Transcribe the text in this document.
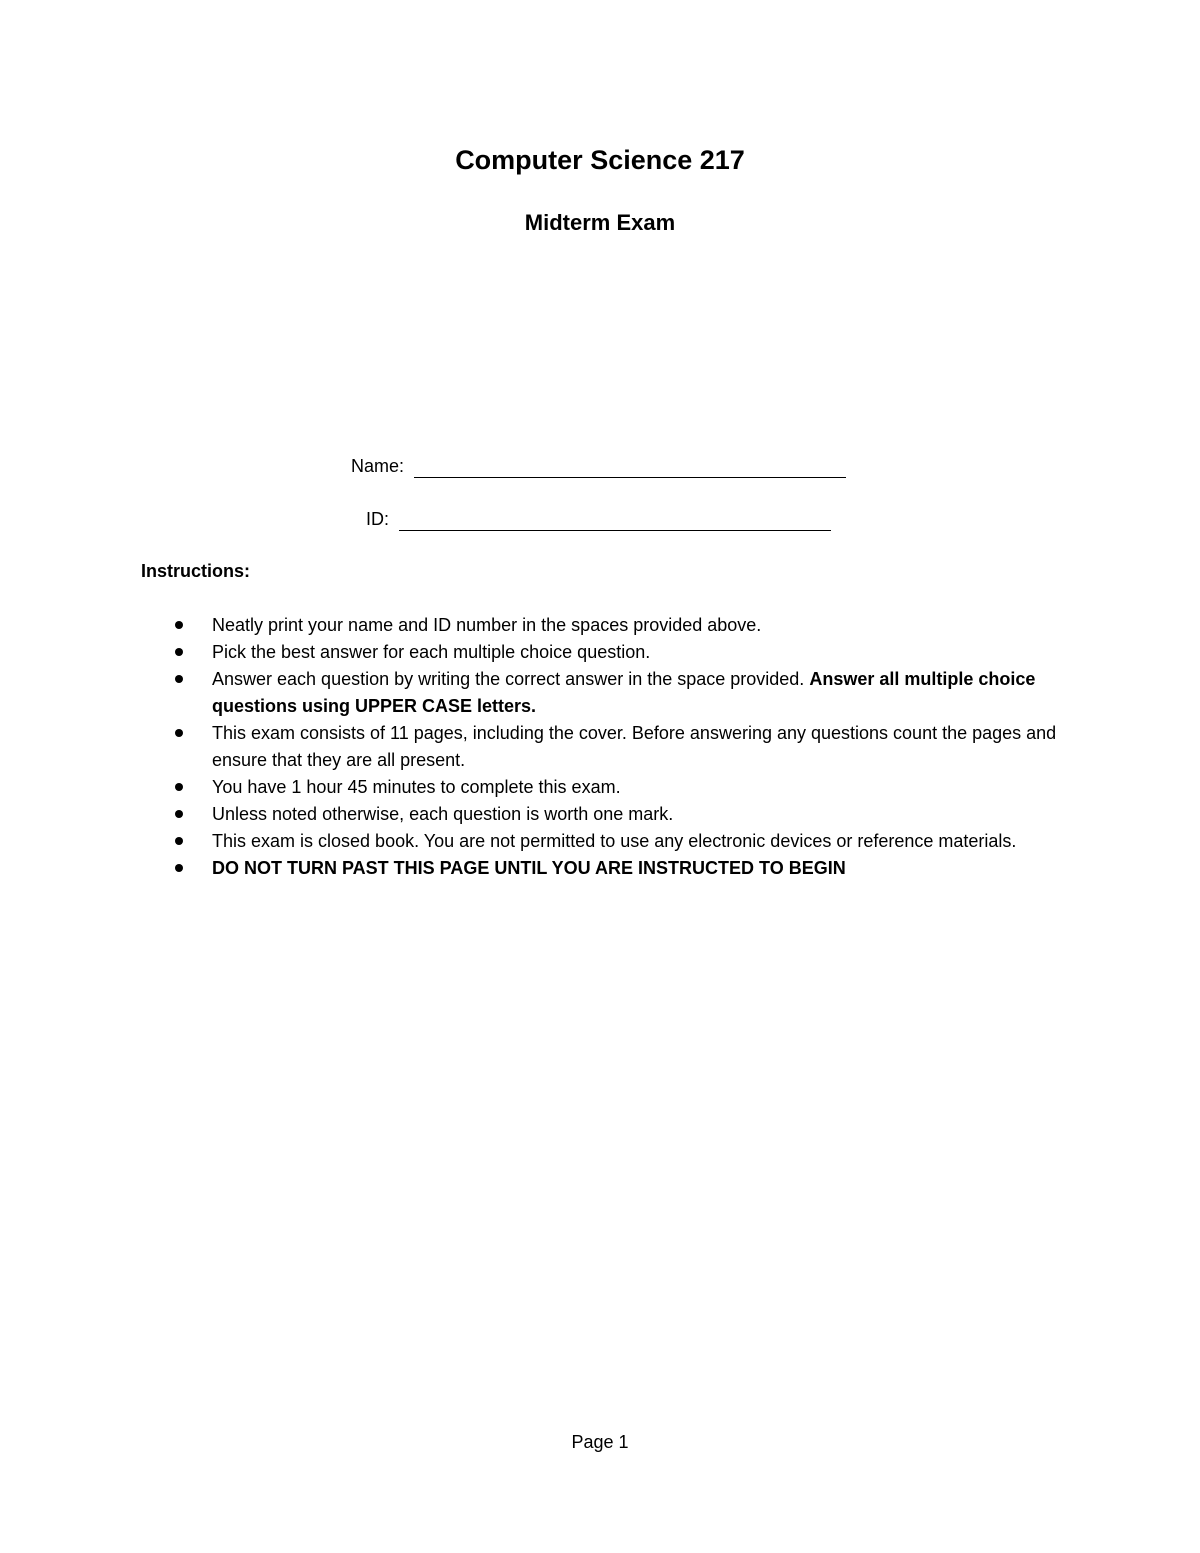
Computer Science 217
Midterm Exam
Name:
ID:

Instructions:

Neatly print your name and ID number in the spaces provided above.
Pick the best answer for each multiple choice question.
Answer each question by writing the correct answer in the space provided. Answer all multiple choice questions using UPPER CASE letters.
This exam consists of 11 pages, including the cover. Before answering any questions count the pages and ensure that they are all present.
You have 1 hour 45 minutes to complete this exam.
Unless noted otherwise, each question is worth one mark.
This exam is closed book. You are not permitted to use any electronic devices or reference materials.
DO NOT TURN PAST THIS PAGE UNTIL YOU ARE INSTRUCTED TO BEGIN
Page 1
